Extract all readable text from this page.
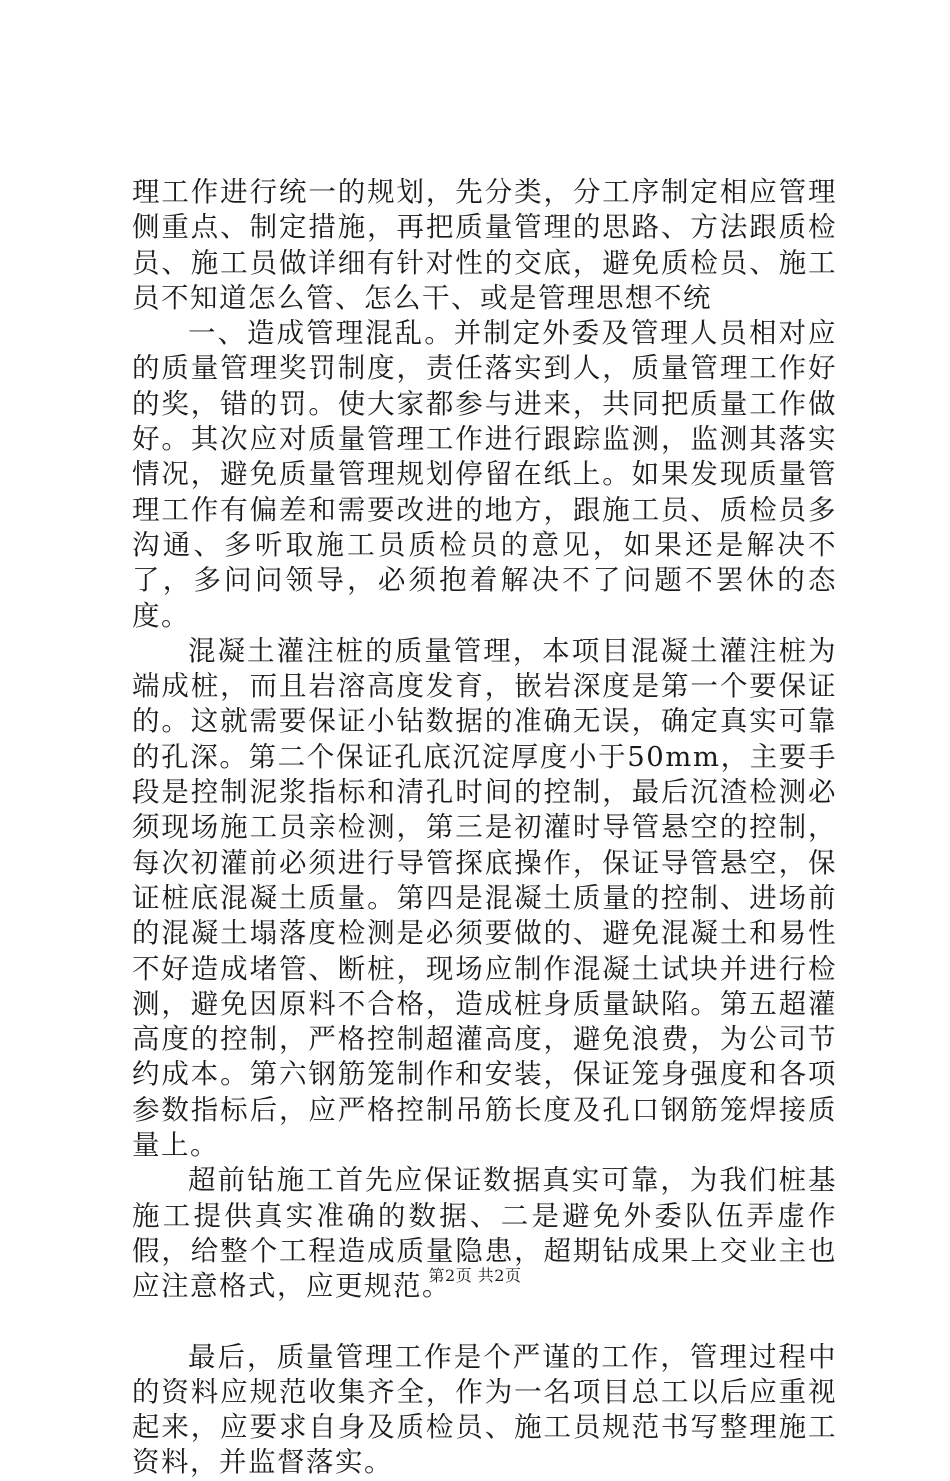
理工作进行统一的规划，先分类，分工序制定相应管理侧重点、制定措施，再把质量管理的思路、方法跟质检员、施工员做详细有针对性的交底，避免质检员、施工员不知道怎么管、怎么干、或是管理思想不统

一、造成管理混乱。并制定外委及管理人员相对应的质量管理奖罚制度，责任落实到人，质量管理工作好的奖，错的罚。使大家都参与进来，共同把质量工作做好。其次应对质量管理工作进行跟踪监测，监测其落实情况，避免质量管理规划停留在纸上。如果发现质量管理工作有偏差和需要改进的地方，跟施工员、质检员多沟通、多听取施工员质检员的意见，如果还是解决不了，多问问领导，必须抱着解决不了问题不罢休的态度。

混凝土灌注桩的质量管理，本项目混凝土灌注桩为端成桩，而且岩溶高度发育，嵌岩深度是第一个要保证的。这就需要保证小钻数据的准确无误，确定真实可靠的孔深。第二个保证孔底沉淀厚度小于50mm，主要手段是控制泥浆指标和清孔时间的控制，最后沉渣检测必须现场施工员亲检测，第三是初灌时导管悬空的控制，每次初灌前必须进行导管探底操作，保证导管悬空，保证桩底混凝土质量。第四是混凝土质量的控制、进场前的混凝土塌落度检测是必须要做的、避免混凝土和易性不好造成堵管、断桩，现场应制作混凝土试块并进行检测，避免因原料不合格，造成桩身质量缺陷。第五超灌高度的控制，严格控制超灌高度，避免浪费，为公司节约成本。第六钢筋笼制作和安装，保证笼身强度和各项参数指标后，应严格控制吊筋长度及孔口钢筋笼焊接质量上。

超前钻施工首先应保证数据真实可靠，为我们桩基施工提供真实准确的数据、二是避免外委队伍弄虚作假，给整个工程造成质量隐患，超期钻成果上交业主也应注意格式，应更规范。

最后，质量管理工作是个严谨的工作，管理过程中的资料应规范收集齐全，作为一名项目总工以后应重视起来，应要求自身及质检员、施工员规范书写整理施工资料，并监督落实。

第2页 共2页
